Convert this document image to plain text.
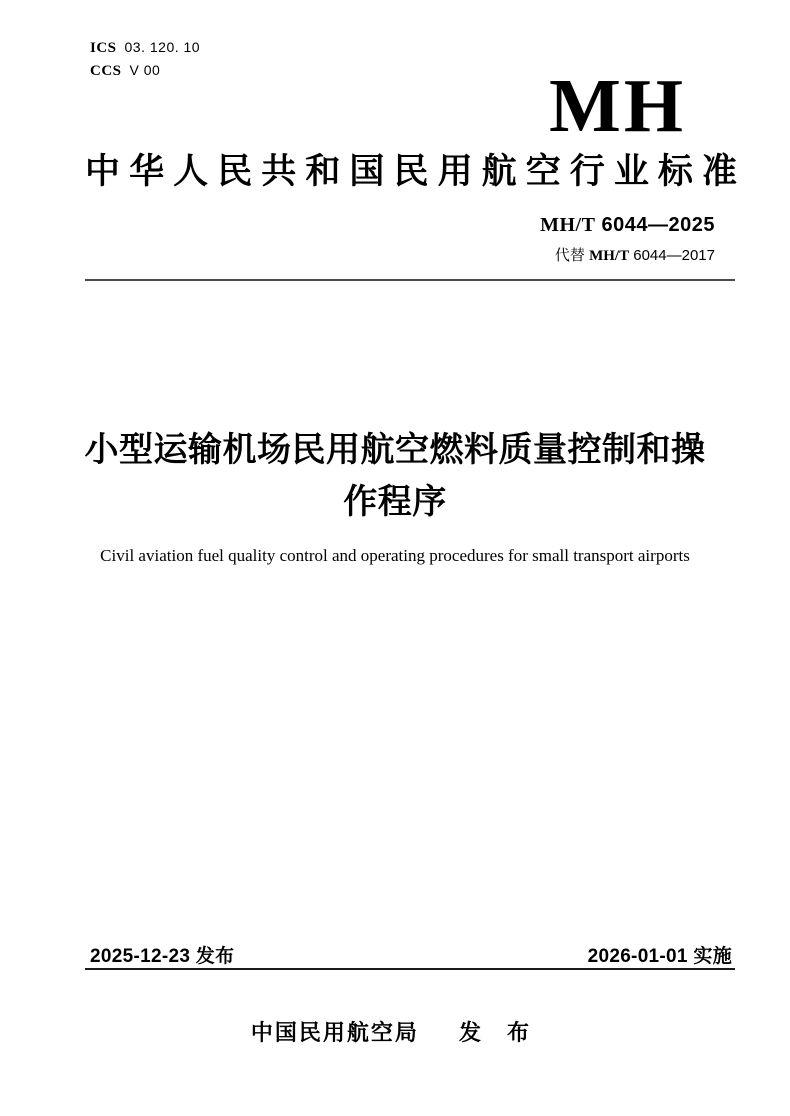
ICS 03. 120. 10
CCS V 00	MH
中华人民共和国民用航空行业标准
MH/T 6044—2025
代替 MH/T 6044—2017
小型运输机场民用航空燃料质量控制和操作程序
Civil aviation fuel quality control and operating procedures for small transport airports
2025-12-23 发布	2026-01-01 实施
中国民用航空局 发 布
